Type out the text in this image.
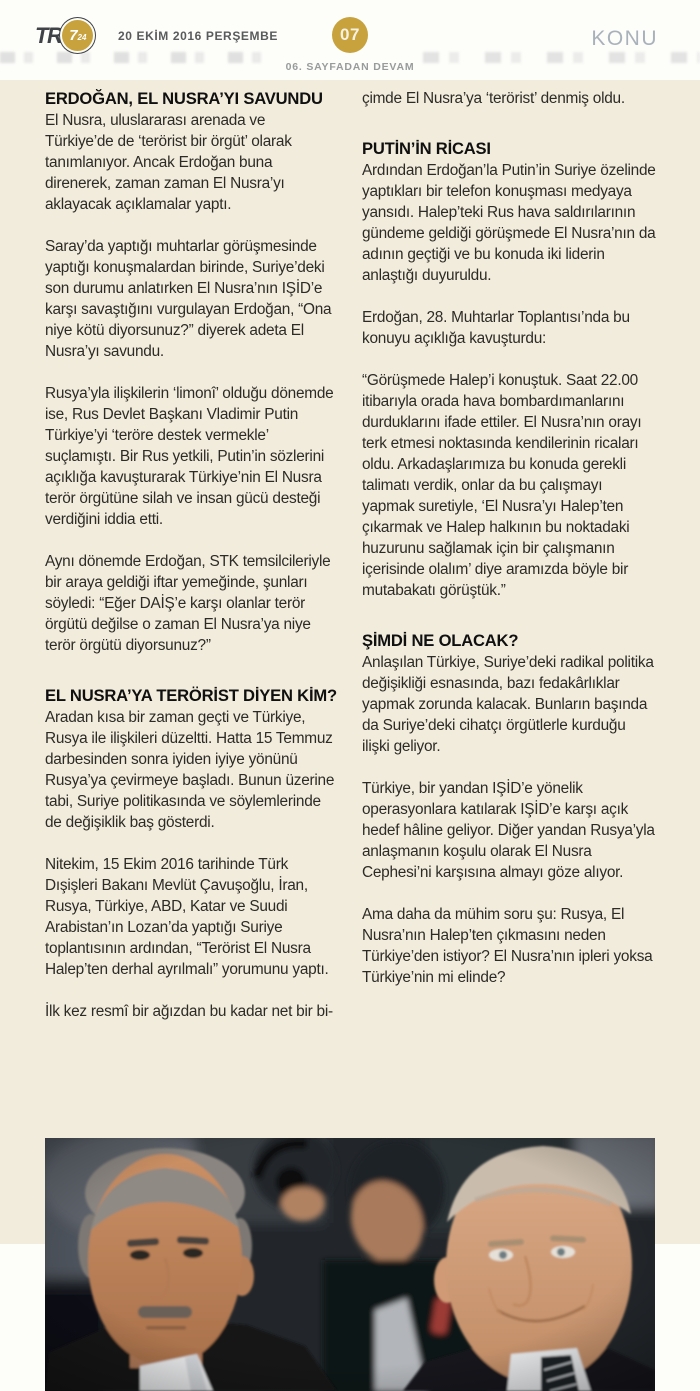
TR 7 24	20 EKİM 2016 PERŞEMBE	07
06. SAYFADAN DEVAM
KONU
ERDOĞAN, EL NUSRA’YI SAVUNDU

El Nusra, uluslararası arenada ve Türkiye’de de ‘terörist bir örgüt’ olarak tanımlanıyor. Ancak Erdoğan buna direnerek, zaman zaman El Nusra’yı aklayacak açıklamalar yaptı.

Saray’da yaptığı muhtarlar görüşmesinde yaptığı konuşmalardan birinde, Suriye’deki son durumu anlatırken El Nusra’nın IŞİD’e karşı savaştığını vurgulayan Erdoğan, “Ona niye kötü diyorsunuz?” diyerek adeta El Nusra’yı savundu.

Rusya’yla ilişkilerin ‘limonî’ olduğu dönemde ise, Rus Devlet Başkanı Vladimir Putin Türkiye’yi ‘teröre destek vermekle’ suçlamıştı. Bir Rus yetkili, Putin’in sözlerini açıklığa kavuşturarak Türkiye’nin El Nusra terör örgütüne silah ve insan gücü desteği verdiğini iddia etti.

Aynı dönemde Erdoğan, STK temsilcileriyle bir araya geldiği iftar yemeğinde, şunları söyledi: “Eğer DAİŞ’e karşı olanlar terör örgütü değilse o zaman El Nusra’ya niye terör örgütü diyorsunuz?”

EL NUSRA’YA TERÖRİST DİYEN KİM?

Aradan kısa bir zaman geçti ve Türkiye, Rusya ile ilişkileri düzeltti. Hatta 15 Temmuz darbesinden sonra iyiden iyiye yönünü Rusya’ya çevirmeye başladı. Bunun üzerine tabi, Suriye politikasında ve söylemlerinde de değişiklik baş gösterdi.

Nitekim, 15 Ekim 2016 tarihinde Türk Dışişleri Bakanı Mevlüt Çavuşoğlu, İran, Rusya, Türkiye, ABD, Katar ve Suudi Arabistan’ın Lozan’da yaptığı Suriye toplantısının ardından, “Terörist El Nusra Halep’ten derhal ayrılmalı” yorumunu yaptı.

İlk kez resmî bir ağızdan bu kadar net bir bi-

çimde El Nusra’ya ‘terörist’ denmiş oldu.

PUTİN’İN RİCASI

Ardından Erdoğan’la Putin’in Suriye özelinde yaptıkları bir telefon konuşması medyaya yansıdı. Halep’teki Rus hava saldırılarının gündeme geldiği görüşmede El Nusra’nın da adının geçtiği ve bu konuda iki liderin anlaştığı duyuruldu.

Erdoğan, 28. Muhtarlar Toplantısı’nda bu konuyu açıklığa kavuşturdu:

“Görüşmede Halep’i konuştuk. Saat 22.00 itibarıyla orada hava bombardımanlarını durduklarını ifade ettiler. El Nusra’nın orayı terk etmesi noktasında kendilerinin ricaları oldu. Arkadaşlarımıza bu konuda gerekli talimatı verdik, onlar da bu çalışmayı yapmak suretiyle, ‘El Nusra’yı Halep’ten çıkarmak ve Halep halkının bu noktadaki huzurunu sağlamak için bir çalışmanın içerisinde olalım’ diye aramızda böyle bir mutabakatı görüştük.”

ŞİMDİ NE OLACAK?

Anlaşılan Türkiye, Suriye’deki radikal politika değişikliği esnasında, bazı fedakârlıklar yapmak zorunda kalacak. Bunların başında da Suriye’deki cihatçı örgütlerle kurduğu ilişki geliyor.

Türkiye, bir yandan IŞİD’e yönelik operasyonlara katılarak IŞİD’e karşı açık hedef hâline geliyor. Diğer yandan Rusya’yla anlaşmanın koşulu olarak El Nusra Cephesi’ni karşısına almayı göze alıyor.

Ama daha da mühim soru şu: Rusya, El Nusra’nın Halep’ten çıkmasını neden Türkiye’den istiyor? El Nusra’nın ipleri yoksa Türkiye’nin mi elinde?
